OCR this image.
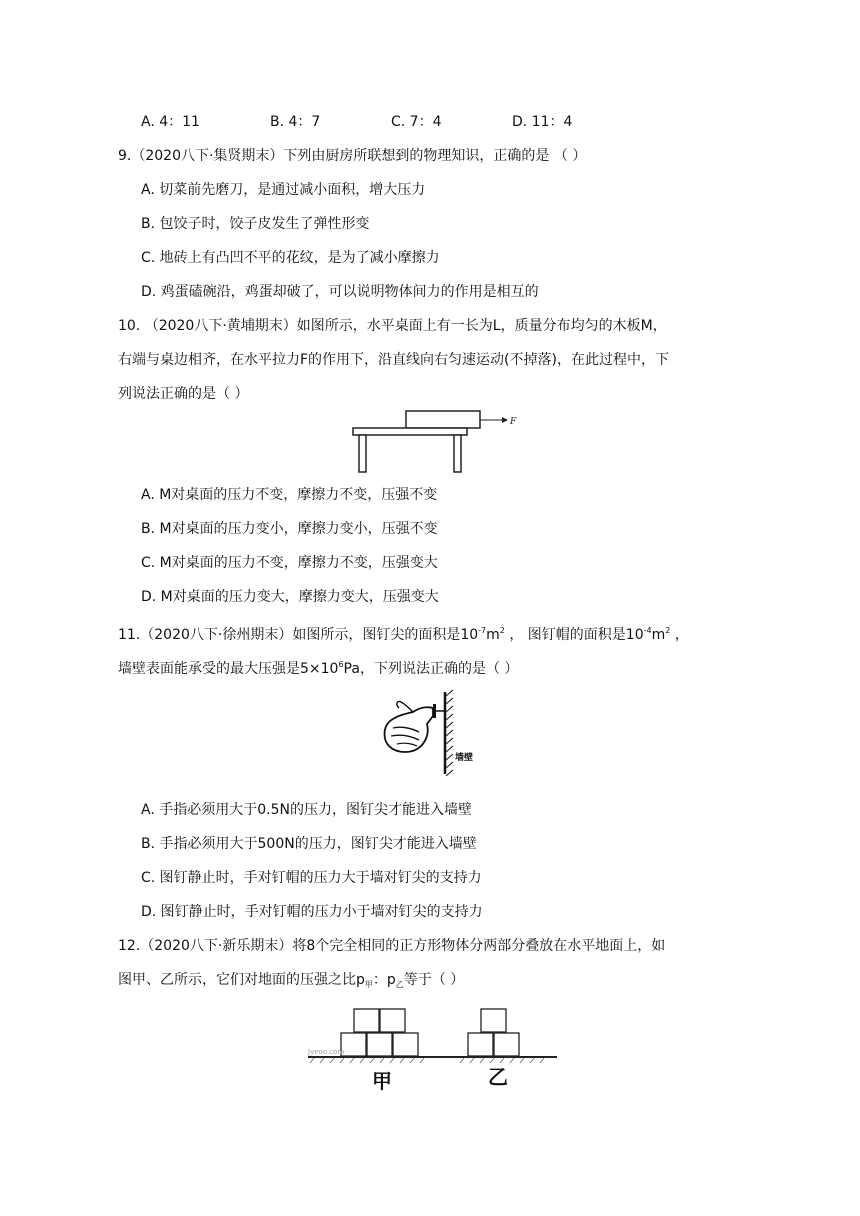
A. 4：11	B. 4：7	C. 7：4	D. 11：4
9.（2020八下·集贤期末）下列由厨房所联想到的物理知识，正确的是 （ ）
A. 切菜前先磨刀，是通过减小面积，增大压力
B. 包饺子时，饺子皮发生了弹性形变
C. 地砖上有凸凹不平的花纹，是为了减小摩擦力
D. 鸡蛋磕碗沿，鸡蛋却破了，可以说明物体间力的作用是相互的
10. （2020八下·黄埔期末）如图所示，水平桌面上有一长为L，质量分布均匀的木板M，
右端与桌边相齐，在水平拉力F的作用下，沿直线向右匀速运动(不掉落)，在此过程中，下
列说法正确的是（ ）
F
A. M对桌面的压力不变，摩擦力不变，压强不变
B. M对桌面的压力变小，摩擦力变小，压强不变
C. M对桌面的压力不变，摩擦力不变，压强变大
D. M对桌面的压力变大，摩擦力变大，压强变大
11.（2020八下·徐州期末）如图所示，图钉尖的面积是$10^{-7}m^2$ ， 图钉帽的面积是$10^{-4}m^2$ ，
墙壁表面能承受的最大压强是$5\times 10^6Pa$，下列说法正确的是（ ）
墙壁
A. 手指必须用大于0.5N的压力，图钉尖才能进入墙壁
B. 手指必须用大于500N的压力，图钉尖才能进入墙壁
C. 图钉静止时，手对钉帽的压力大于墙对钉尖的支持力
D. 图钉静止时，手对钉帽的压力小于墙对钉尖的支持力
12.（2020八下·新乐期末）将8个完全相同的正方形物体分两部分叠放在水平地面上，如
图甲、乙所示，它们对地面的压强之比$p_甲$：$p_乙$等于（ ）
Jyeoo.com
甲	乙
